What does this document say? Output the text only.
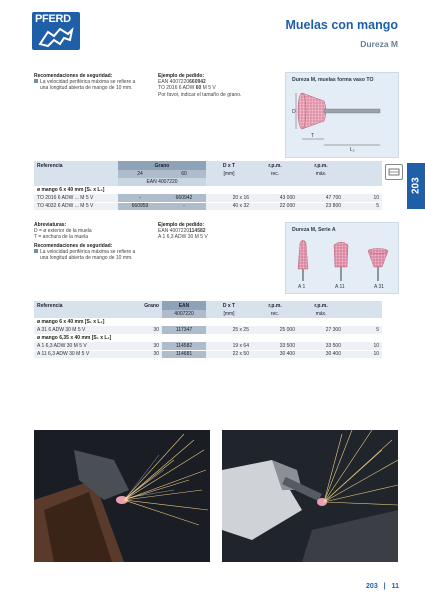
PFERD	Muelas con mango
Dureza M
Recomendaciones de seguridad:
La velocidad periférica máxima se refiere a
una longitud abierta de mango de 10 mm.
Ejemplo de pedido:
EAN 4007220660942
TO 2016 6 ADW 60 M 5 V
Por favor, indicar el tamaño de grano.
Dureza M, muelas forma vaso TO
D
T
L₂
Referencia	Grano		D x T	r.p.m.	r.p.m.	
	24	60	[mm]	rec.	máx.	
	EAN 4007220					
ø mango 6 x 40 mm [S₁ x L₂]						
TO 2016 6 ADW ... M 5 V	-	660942	20 x 16	43 000	47 700	10
TO 4032 6 ADW ... M 5 V	660959	-	40 x 32	22 000	23 800	5
203
Abreviaturas:
D = ø exterior de la muela
T = anchura de la muela
Recomendaciones de seguridad:
La velocidad periférica máxima se refiere a
una longitud abierta de mango de 10 mm.
Ejemplo de pedido:
EAN 4007220114582
A 1 6,3 ADW 30 M 5 V
Dureza M, Serie A
A 1	A 11	A 31
Referencia	Grano	EAN	D x T	r.p.m.	r.p.m.	
		4007220	[mm]	rec.	máx.	
ø mango 6 x 40 mm [S₁ x L₂]						
A 31 6 ADW 30 M 5 V	30	117347	25 x 25	25 000	27 300	5
ø mango 6,35 x 40 mm [S₁ x L₂]						
A 1 6,3 ADW 30 M 5 V	30	114582	19 x 64	33 500	33 500	10
A 11 6,3 ADW 30 M 5 V	30	114681	22 x 50	30 400	30 400	10
203 | 11
